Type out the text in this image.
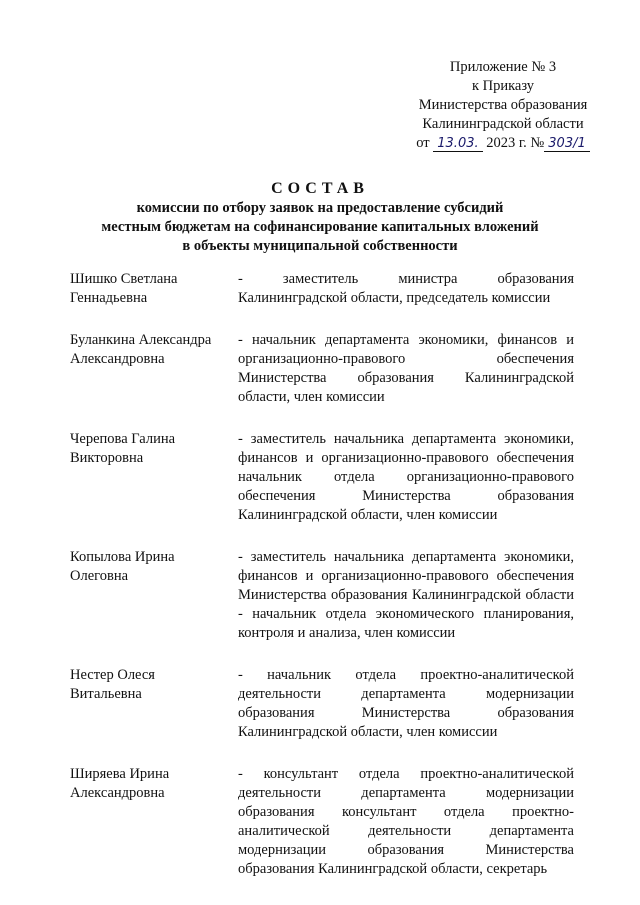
Приложение № 3
к Приказу
Министерства образования
Калининградской области
от 13.03. 2023 г. № 303/1
СОСТАВ
комиссии по отбору заявок на предоставление субсидий
местным бюджетам на софинансирование капитальных вложений
в объекты муниципальной собственности
Шишко Светлана
Геннадьевна
- заместитель министра образования Калининградской области, председатель комиссии
Буланкина Александра
Александровна
- начальник департамента экономики, финансов и организационно-правового обеспечения Министерства образования Калининградской области, член комиссии
Черепова Галина
Викторовна
- заместитель начальника департамента экономики, финансов и организационно-правового обеспечения начальник отдела организационно-правового обеспечения Министерства образования Калининградской области, член комиссии
Копылова Ирина
Олеговна
- заместитель начальника департамента экономики, финансов и организационно-правового обеспечения Министерства образования Калининградской области - начальник отдела экономического планирования, контроля и анализа, член комиссии
Нестер Олеся
Витальевна
- начальник отдела проектно-аналитической деятельности департамента модернизации образования Министерства образования Калининградской области, член комиссии
Ширяева Ирина
Александровна
- консультант отдела проектно-аналитической деятельности департамента модернизации образования консультант отдела проектно-аналитической деятельности департамента модернизации образования Министерства образования Калининградской области, секретарь
